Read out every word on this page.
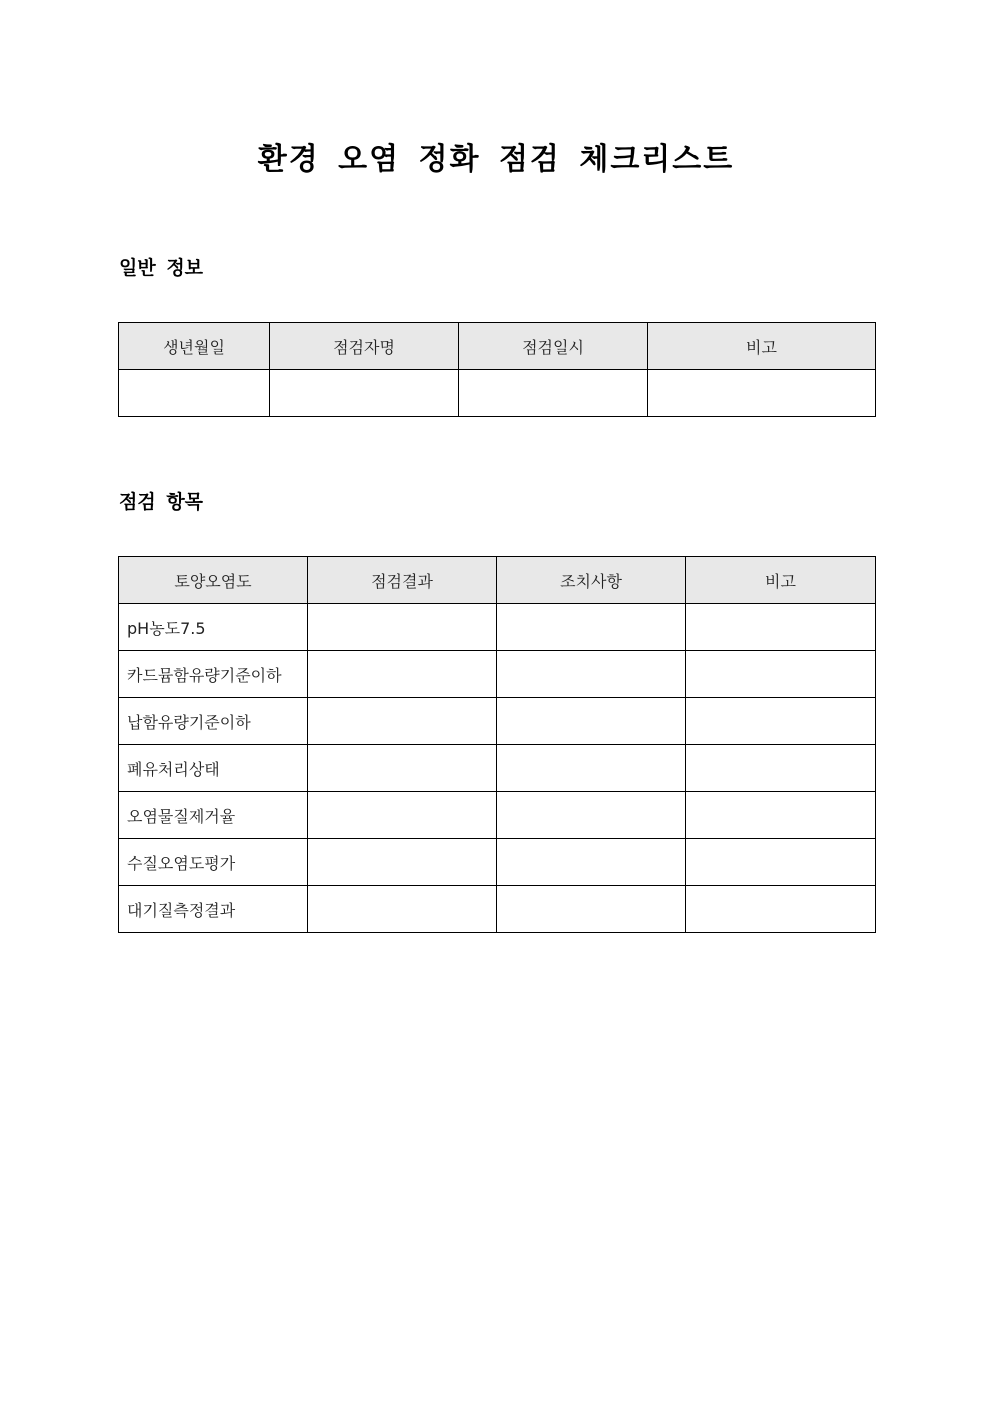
환경 오염 정화 점검 체크리스트
일반 정보
생년월일	점검자명	점검일시	비고

점검 항목
토양오염도	점검결과	조치사항	비고
pH농도7.5			
카드뮴함유량기준이하			
납함유량기준이하			
폐유처리상태			
오염물질제거율			
수질오염도평가			
대기질측정결과			
